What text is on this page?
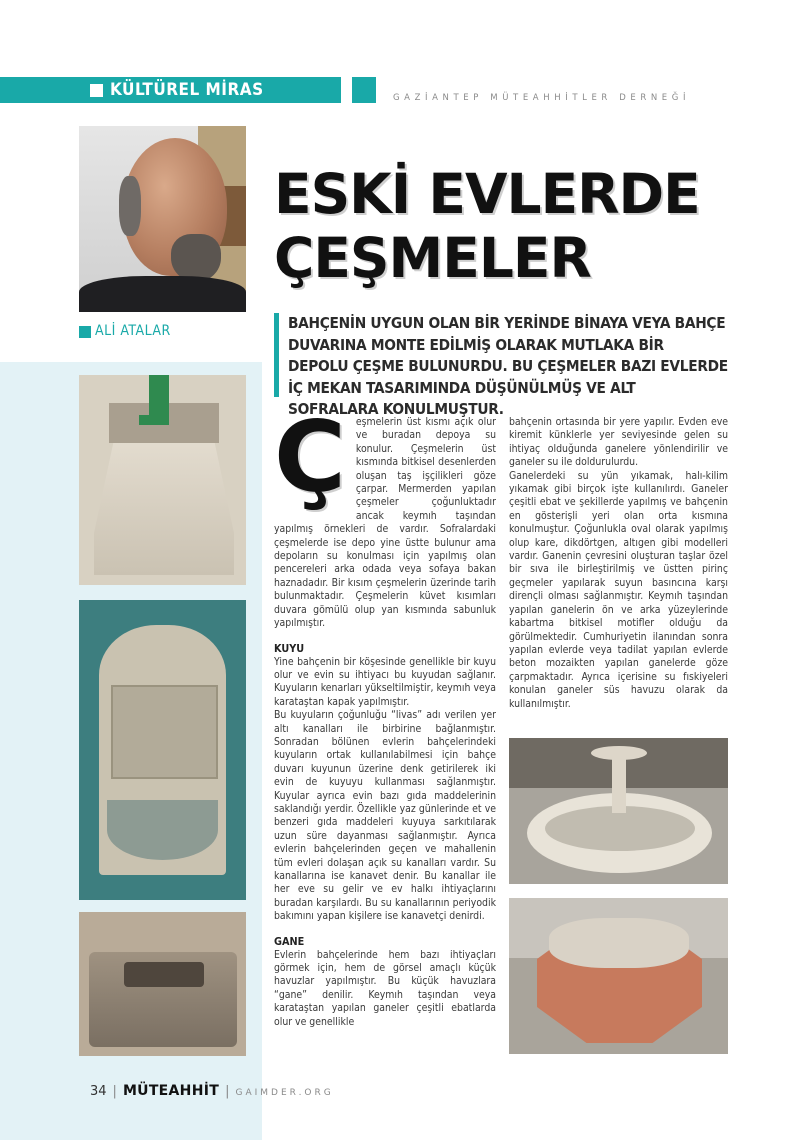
KÜLTÜREL MİRAS	GAZİANTEP MÜTEAHHİTLER DERNEĞİ
ALİ ATALAR
ESKİ EVLERDE
ÇEŞMELER

BAHÇENİN UYGUN OLAN BİR YERİNDE BİNAYA VEYA BAHÇE DUVARINA MONTE EDİLMİŞ OLARAK MUTLAKA BİR DEPOLU ÇEŞME BULUNURDU. BU ÇEŞMELER BAZI EVLERDE İÇ MEKAN TASARIMINDA DÜŞÜNÜLMÜŞ VE ALT SOFRALARA KONULMUŞTUR.

Çeşmelerin üst kısmı açık olur ve buradan depoya su konulur. Çeşmelerin üst kısmında bitkisel desenlerden oluşan taş işçilikleri göze çarpar. Mermerden yapılan çeşmeler çoğunluktadır ancak keymıh taşından yapılmış örnekleri de vardır. Sofralardaki çeşmelerde ise depo yine üstte bulunur ama depoların su konulması için yapılmış olan pencereleri arka odada veya sofaya bakan haznadadır. Bir kısım çeşmelerin üzerinde tarih bulunmaktadır. Çeşmelerin küvet kısımları duvara gömülü olup yan kısmında sabunluk yapılmıştır.

KUYU

Yine bahçenin bir köşesinde genellikle bir kuyu olur ve evin su ihtiyacı bu kuyudan sağlanır. Kuyuların kenarları yükseltilmiştir, keymıh veya karataştan kapak yapılmıştır.

Bu kuyuların çoğunluğu “livas” adı verilen yer altı kanalları ile birbirine bağlanmıştır. Sonradan bölünen evlerin bahçelerindeki kuyuların ortak kullanılabilmesi için bahçe duvarı kuyunun üzerine denk getirilerek iki evin de kuyuyu kullanması sağlanmıştır. Kuyular ayrıca evin bazı gıda maddelerinin saklandığı yerdir. Özellikle yaz günlerinde et ve benzeri gıda maddeleri kuyuya sarkıtılarak uzun süre dayanması sağlanmıştır. Ayrıca evlerin bahçelerinden geçen ve mahallenin tüm evleri dolaşan açık su kanalları vardır. Su kanallarına ise kanavet denir. Bu kanallar ile her eve su gelir ve ev halkı ihtiyaçlarını buradan karşılardı. Bu su kanallarının periyodik bakımını yapan kişilere ise kanavetçi denirdi.

GANE

Evlerin bahçelerinde hem bazı ihtiyaçları görmek için, hem de görsel amaçlı küçük havuzlar yapılmıştır. Bu küçük havuzlara “gane” denilir. Keymıh taşından veya karataştan yapılan ganeler çeşitli ebatlarda olur ve genellikle

bahçenin ortasında bir yere yapılır. Evden eve kiremit künklerle yer seviyesinde gelen su ihtiyaç olduğunda ganelere yönlendirilir ve ganeler su ile doldurulurdu.

Ganelerdeki su yün yıkamak, halı-kilim yıkamak gibi birçok işte kullanılırdı. Ganeler çeşitli ebat ve şekillerde yapılmış ve bahçenin en gösterişli yeri olan orta kısmına konulmuştur. Çoğunlukla oval olarak yapılmış olup kare, dikdörtgen, altıgen gibi modelleri vardır. Ganenin çevresini oluşturan taşlar özel bir sıva ile birleştirilmiş ve üstten pirinç geçmeler yapılarak suyun basıncına karşı dirençli olması sağlanmıştır. Keymıh taşından yapılan ganelerin ön ve arka yüzeylerinde kabartma bitkisel motifler olduğu da görülmektedir. Cumhuriyetin ilanından sonra yapılan evlerde veya tadilat yapılan evlerde beton mozaikten yapılan ganelerde göze çarpmaktadır. Ayrıca içerisine su fıskiyeleri konulan ganeler süs havuzu olarak da kullanılmıştır.

34 | MÜTEAHHİT | GAIMDER.ORG
